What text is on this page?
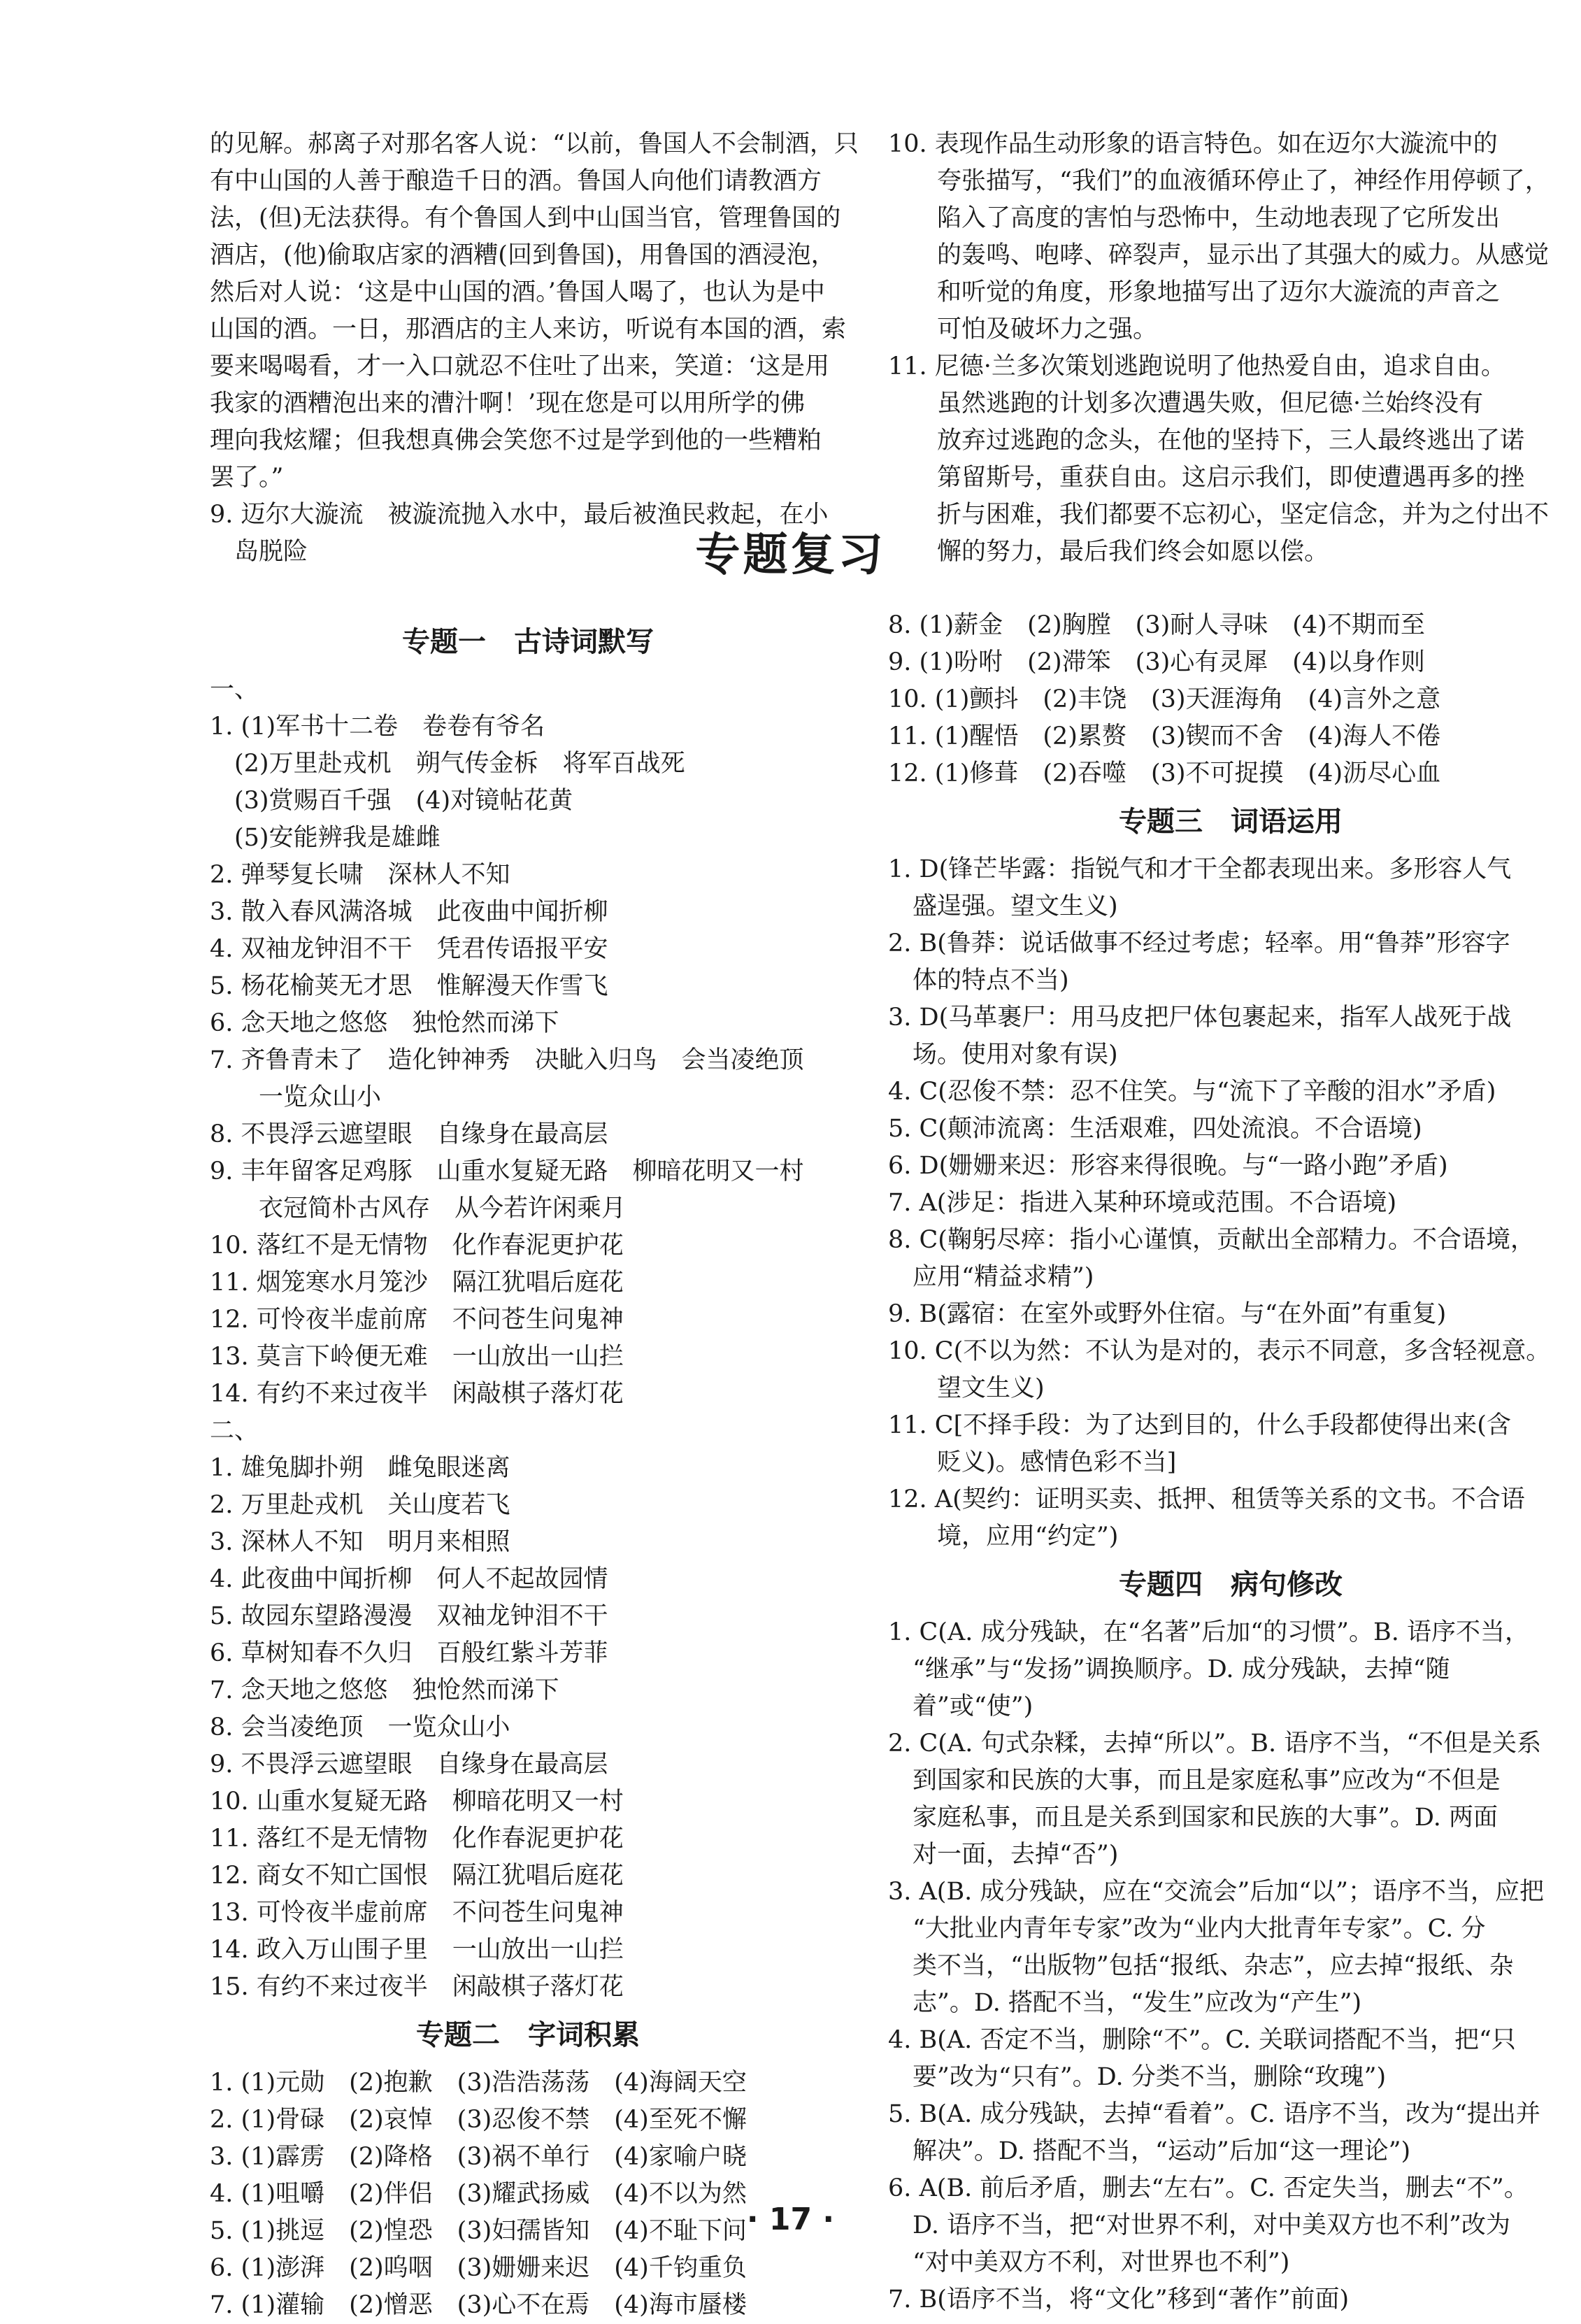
的见解。郝离子对那名客人说：“以前，鲁国人不会制酒，只
有中山国的人善于酿造千日的酒。鲁国人向他们请教酒方
法，(但)无法获得。有个鲁国人到中山国当官，管理鲁国的
酒店，(他)偷取店家的酒糟(回到鲁国)，用鲁国的酒浸泡，
然后对人说：‘这是中山国的酒。’鲁国人喝了，也认为是中
山国的酒。一日，那酒店的主人来访，听说有本国的酒，索
要来喝喝看，才一入口就忍不住吐了出来，笑道：‘这是用
我家的酒糟泡出来的漕汁啊！’现在您是可以用所学的佛
理向我炫耀；但我想真佛会笑您不过是学到他的一些糟粕
罢了。”
9. 迈尔大漩流　被漩流抛入水中，最后被渔民救起，在小
　岛脱险
10. 表现作品生动形象的语言特色。如在迈尔大漩流中的
　　夸张描写，“我们”的血液循环停止了，神经作用停顿了，
　　陷入了高度的害怕与恐怖中，生动地表现了它所发出
　　的轰鸣、咆哮、碎裂声，显示出了其强大的威力。从感觉
　　和听觉的角度，形象地描写出了迈尔大漩流的声音之
　　可怕及破坏力之强。
11. 尼德·兰多次策划逃跑说明了他热爱自由，追求自由。
　　虽然逃跑的计划多次遭遇失败，但尼德·兰始终没有
　　放弃过逃跑的念头，在他的坚持下，三人最终逃出了诺
　　第留斯号，重获自由。这启示我们，即使遭遇再多的挫
　　折与困难，我们都要不忘初心，坚定信念，并为之付出不
　　懈的努力，最后我们终会如愿以偿。
专题复习
专题一　古诗词默写
一、
1. (1)军书十二卷　卷卷有爷名
　(2)万里赴戎机　朔气传金柝　将军百战死
　(3)赏赐百千强　(4)对镜帖花黄
　(5)安能辨我是雄雌
2. 弹琴复长啸　深林人不知
3. 散入春风满洛城　此夜曲中闻折柳
4. 双袖龙钟泪不干　凭君传语报平安
5. 杨花榆荚无才思　惟解漫天作雪飞
6. 念天地之悠悠　独怆然而涕下
7. 齐鲁青未了　造化钟神秀　决眦入归鸟　会当凌绝顶
　　一览众山小
8. 不畏浮云遮望眼　自缘身在最高层
9. 丰年留客足鸡豚　山重水复疑无路　柳暗花明又一村
　　衣冠简朴古风存　从今若许闲乘月
10. 落红不是无情物　化作春泥更护花
11. 烟笼寒水月笼沙　隔江犹唱后庭花
12. 可怜夜半虚前席　不问苍生问鬼神
13. 莫言下岭便无难　一山放出一山拦
14. 有约不来过夜半　闲敲棋子落灯花
二、
1. 雄兔脚扑朔　雌兔眼迷离
2. 万里赴戎机　关山度若飞
3. 深林人不知　明月来相照
4. 此夜曲中闻折柳　何人不起故园情
5. 故园东望路漫漫　双袖龙钟泪不干
6. 草树知春不久归　百般红紫斗芳菲
7. 念天地之悠悠　独怆然而涕下
8. 会当凌绝顶　一览众山小
9. 不畏浮云遮望眼　自缘身在最高层
10. 山重水复疑无路　柳暗花明又一村
11. 落红不是无情物　化作春泥更护花
12. 商女不知亡国恨　隔江犹唱后庭花
13. 可怜夜半虚前席　不问苍生问鬼神
14. 政入万山围子里　一山放出一山拦
15. 有约不来过夜半　闲敲棋子落灯花
专题二　字词积累
1. (1)元勋　(2)抱歉　(3)浩浩荡荡　(4)海阔天空
2. (1)骨碌　(2)哀悼　(3)忍俊不禁　(4)至死不懈
3. (1)霹雳　(2)降格　(3)祸不单行　(4)家喻户晓
4. (1)咀嚼　(2)伴侣　(3)耀武扬威　(4)不以为然
5. (1)挑逗　(2)惶恐　(3)妇孺皆知　(4)不耻下问
6. (1)澎湃　(2)呜咽　(3)姗姗来迟　(4)千钧重负
7. (1)灌输　(2)憎恶　(3)心不在焉　(4)海市蜃楼
8. (1)薪金　(2)胸膛　(3)耐人寻味　(4)不期而至
9. (1)吩咐　(2)滞笨　(3)心有灵犀　(4)以身作则
10. (1)颤抖　(2)丰饶　(3)天涯海角　(4)言外之意
11. (1)醒悟　(2)累赘　(3)锲而不舍　(4)海人不倦
12. (1)修葺　(2)吞噬　(3)不可捉摸　(4)沥尽心血
专题三　词语运用
1. D(锋芒毕露：指锐气和才干全都表现出来。多形容人气
　盛逞强。望文生义)
2. B(鲁莽：说话做事不经过考虑；轻率。用“鲁莽”形容字
　体的特点不当)
3. D(马革裹尸：用马皮把尸体包裹起来，指军人战死于战
　场。使用对象有误)
4. C(忍俊不禁：忍不住笑。与“流下了辛酸的泪水”矛盾)
5. C(颠沛流离：生活艰难，四处流浪。不合语境)
6. D(姗姗来迟：形容来得很晚。与“一路小跑”矛盾)
7. A(涉足：指进入某种环境或范围。不合语境)
8. C(鞠躬尽瘁：指小心谨慎，贡献出全部精力。不合语境，
　应用“精益求精”)
9. B(露宿：在室外或野外住宿。与“在外面”有重复)
10. C(不以为然：不认为是对的，表示不同意，多含轻视意。
　　望文生义)
11. C[不择手段：为了达到目的，什么手段都使得出来(含
　　贬义)。感情色彩不当]
12. A(契约：证明买卖、抵押、租赁等关系的文书。不合语
　　境，应用“约定”)
专题四　病句修改
1. C(A. 成分残缺，在“名著”后加“的习惯”。B. 语序不当，
　“继承”与“发扬”调换顺序。D. 成分残缺，去掉“随
　着”或“使”)
2. C(A. 句式杂糅，去掉“所以”。B. 语序不当，“不但是关系
　到国家和民族的大事，而且是家庭私事”应改为“不但是
　家庭私事，而且是关系到国家和民族的大事”。D. 两面
　对一面，去掉“否”)
3. A(B. 成分残缺，应在“交流会”后加“以”；语序不当，应把
　“大批业内青年专家”改为“业内大批青年专家”。C. 分
　类不当，“出版物”包括“报纸、杂志”，应去掉“报纸、杂
　志”。D. 搭配不当，“发生”应改为“产生”)
4. B(A. 否定不当，删除“不”。C. 关联词搭配不当，把“只
　要”改为“只有”。D. 分类不当，删除“玫瑰”)
5. B(A. 成分残缺，去掉“看着”。C. 语序不当，改为“提出并
　解决”。D. 搭配不当，“运动”后加“这一理论”)
6. A(B. 前后矛盾，删去“左右”。C. 否定失当，删去“不”。
　D. 语序不当，把“对世界不利，对中美双方也不利”改为
　“对中美双方不利，对世界也不利”)
7. B(语序不当，将“文化”移到“著作”前面)
· 17 ·
